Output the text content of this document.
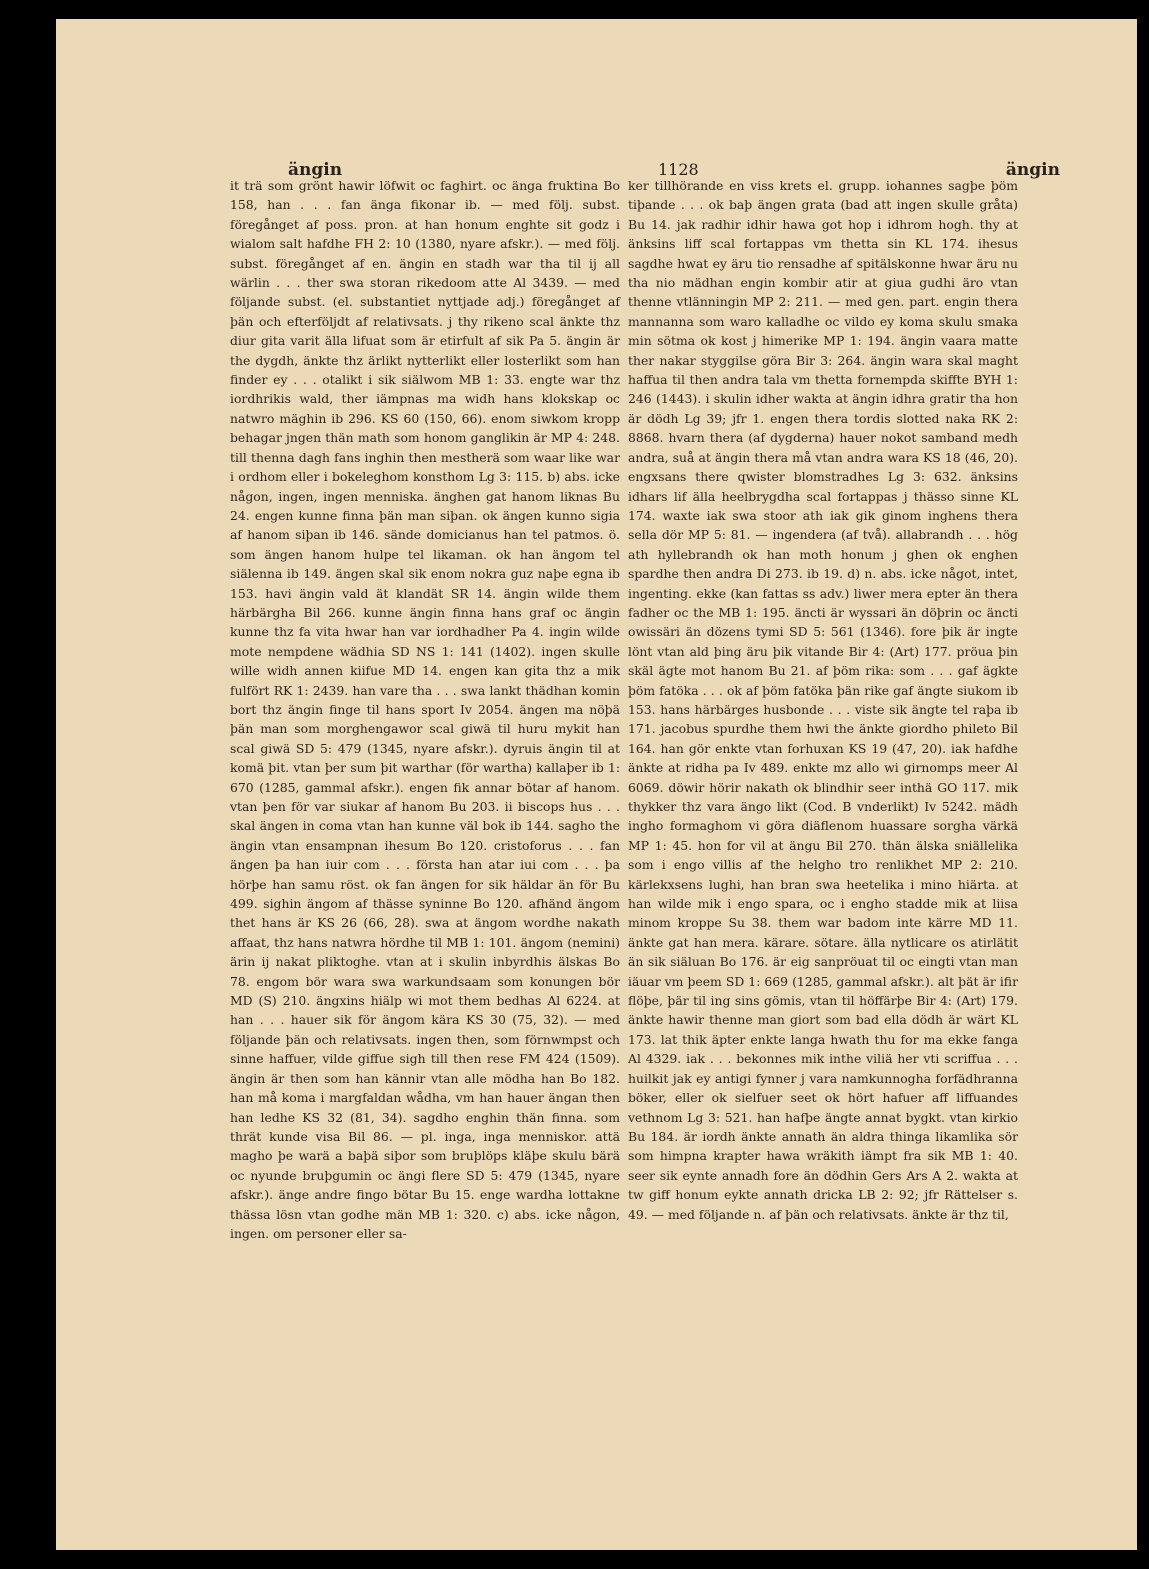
ängin	1128	ängin

it trä som grönt hawir löfwit oc faghirt. oc änga fruktina Bo 158, han . . . fan änga fikonar ib. — med följ. subst. föregånget af poss. pron. at han honum enghte sit godz i wialom salt hafdhe FH 2: 10 (1380, nyare afskr.). — med följ. subst. föregånget af en. ängin en stadh war tha til ij all wärlin . . . ther swa storan rikedoom atte Al 3439. — med följande subst. (el. substantiet nyttjade adj.) föregånget af þän och efterföljdt af relativsats. j thy rikeno scal änkte thz diur gita varit älla lifuat som är etirfult af sik Pa 5. ängin är the dygdh, änkte thz ärlikt nytterlikt eller losterlikt som han finder ey . . . otalikt i sik siälwom MB 1: 33. engte war thz iordhrikis wald, ther iämpnas ma widh hans klokskap oc natwro mäghin ib 296. KS 60 (150, 66). enom siwkom kropp behagar jngen thän math som honom ganglikin är MP 4: 248. till thenna dagh fans inghin then mestherä som waar like war i ordhom eller i bokeleghom konsthom Lg 3: 115. b) abs. icke någon, ingen, ingen menniska. änghen gat hanom liknas Bu 24. engen kunne finna þän man siþan. ok ängen kunno sigia af hanom siþan ib 146. sände domicianus han tel patmos. ö. som ängen hanom hulpe tel likaman. ok han ängom tel siälenna ib 149. ängen skal sik enom nokra guz naþe egna ib 153. havi ängin vald ät klandät SR 14. ängin wilde them härbärgha Bil 266. kunne ängin finna hans graf oc ängin kunne thz fa vita hwar han var iordhadher Pa 4. ingin wilde mote nempdene wädhia SD NS 1: 141 (1402). ingen skulle wille widh annen kiifue MD 14. engen kan gita thz a mik fulfört RK 1: 2439. han vare tha . . . swa lankt thädhan komin bort thz ängin finge til hans sport Iv 2054. ängen ma nöþä þän man som morghengawor scal giwä til huru mykit han scal giwä SD 5: 479 (1345, nyare afskr.). dyruis ängin til at komä þit. vtan þer sum þit warthar (för wartha) kallaþer ib 1: 670 (1285, gammal afskr.). engen fik annar bötar af hanom. vtan þen för var siukar af hanom Bu 203. ii biscops hus . . . skal ängen in coma vtan han kunne väl bok ib 144. sagho the ängin vtan ensampnan ihesum Bo 120. cristoforus . . . fan ängen þa han iuir com . . . första han atar iui com . . . þa hörþe han samu röst. ok fan ängen for sik häldar än för Bu 499. sighin ängom af thässe syninne Bo 120. afhänd ängom thet hans är KS 26 (66, 28). swa at ängom wordhe nakath affaat, thz hans natwra hördhe til MB 1: 101. ängom (nemini) ärin ij nakat pliktoghe. vtan at i skulin inbyrdhis älskas Bo 78. engom bör wara swa warkundsaam som konungen bör MD (S) 210. ängxins hiälp wi mot them bedhas Al 6224. at han . . . hauer sik för ängom kära KS 30 (75, 32). — med följande þän och relativsats. ingen then, som förnwmpst och sinne haffuer, vilde giffue sigh till then rese FM 424 (1509). ängin är then som han kännir vtan alle mödha han Bo 182. han må koma i margfaldan wådha, vm han hauer ängan then han ledhe KS 32 (81, 34). sagdho enghin thän finna. som thrät kunde visa Bil 86. — pl. inga, inga menniskor. attä magho þe warä a baþä siþor som bruþlöps kläþe skulu bärä oc nyunde bruþgumin oc ängi flere SD 5: 479 (1345, nyare afskr.). änge andre fingo bötar Bu 15. enge wardha lottakne thässa lösn vtan godhe män MB 1: 320. c) abs. icke någon, ingen. om personer eller sa-

ker tillhörande en viss krets el. grupp. iohannes sagþe þöm tiþande . . . ok baþ ängen grata (bad att ingen skulle gråta) Bu 14. jak radhir idhir hawa got hop i idhrom hogh. thy at änksins liff scal fortappas vm thetta sin KL 174. ihesus sagdhe hwat ey äru tio rensadhe af spitälskonne hwar äru nu tha nio mädhan engin kombir atir at giua gudhi äro vtan thenne vtlänningin MP 2: 211. — med gen. part. engin thera mannanna som waro kalladhe oc vildo ey koma skulu smaka min sötma ok kost j himerike MP 1: 194. ängin vaara matte ther nakar styggilse göra Bir 3: 264. ängin wara skal maght haffua til then andra tala vm thetta fornempda skiffte BYH 1: 246 (1443). i skulin idher wakta at ängin idhra gratir tha hon är dödh Lg 39; jfr 1. engen thera tordis slotted naka RK 2: 8868. hvarn thera (af dygderna) hauer nokot samband medh andra, suå at ängin thera må vtan andra wara KS 18 (46, 20). engxsans there qwister blomstradhes Lg 3: 632. änksins idhars lif älla heelbrygdha scal fortappas j thässo sinne KL 174. waxte iak swa stoor ath iak gik ginom inghens thera sella dör MP 5: 81. — ingendera (af två). allabrandh . . . hög ath hyllebrandh ok han moth honum j ghen ok enghen spardhe then andra Di 273. ib 19. d) n. abs. icke något, intet, ingenting. ekke (kan fattas ss adv.) liwer mera epter än thera fadher oc the MB 1: 195. äncti är wyssari än döþrin oc äncti owissäri än dözens tymi SD 5: 561 (1346). fore þik är ingte lönt vtan ald þing äru þik vitande Bir 4: (Art) 177. pröua þin skäl ägte mot hanom Bu 21. af þöm rika: som . . . gaf ägkte þöm fatöka . . . ok af þöm fatöka þän rike gaf ängte siukom ib 153. hans härbärges husbonde . . . viste sik ängte tel raþa ib 171. jacobus spurdhe them hwi the änkte giordho phileto Bil 164. han gör enkte vtan forhuxan KS 19 (47, 20). iak hafdhe änkte at ridha pa Iv 489. enkte mz allo wi girnomps meer Al 6069. döwir hörir nakath ok blindhir seer inthä GO 117. mik thykker thz vara ängo likt (Cod. B vnderlikt) Iv 5242. mädh ingho formaghom vi göra diäflenom huassare sorgha värkä MP 1: 45. hon for vil at ängu Bil 270. thän älska sniällelika som i engo villis af the helgho tro renlikhet MP 2: 210. kärlekxsens lughi, han bran swa heetelika i mino hiärta. at han wilde mik i engo spara, oc i engho stadde mik at liisa minom kroppe Su 38. them war badom inte kärre MD 11. änkte gat han mera. kärare. sötare. älla nytlicare os atirlätit än sik siäluan Bo 176. är eig sanpröuat til oc eingti vtan man iäuar vm þeem SD 1: 669 (1285, gammal afskr.). alt þät är ifir flöþe, þär til ing sins gömis, vtan til höffärþe Bir 4: (Art) 179. änkte hawir thenne man giort som bad ella dödh är wärt KL 173. lat thik äpter enkte langa hwath thu for ma ekke fanga Al 4329. iak . . . bekonnes mik inthe viliä her vti scriffua . . . huilkit jak ey antigi fynner j vara namkunnogha forfädhranna böker, eller ok sielfuer seet ok hört hafuer aff liffuandes vethnom Lg 3: 521. han hafþe ängte annat bygkt. vtan kirkio Bu 184. är iordh änkte annath än aldra thinga likamlika sör som himpna krapter hawa wräkith iämpt fra sik MB 1: 40. seer sik eynte annadh fore än dödhin Gers Ars A 2. wakta at tw giff honum eykte annath dricka LB 2: 92; jfr Rättelser s. 49. — med följande n. af þän och relativsats. änkte är thz til,
